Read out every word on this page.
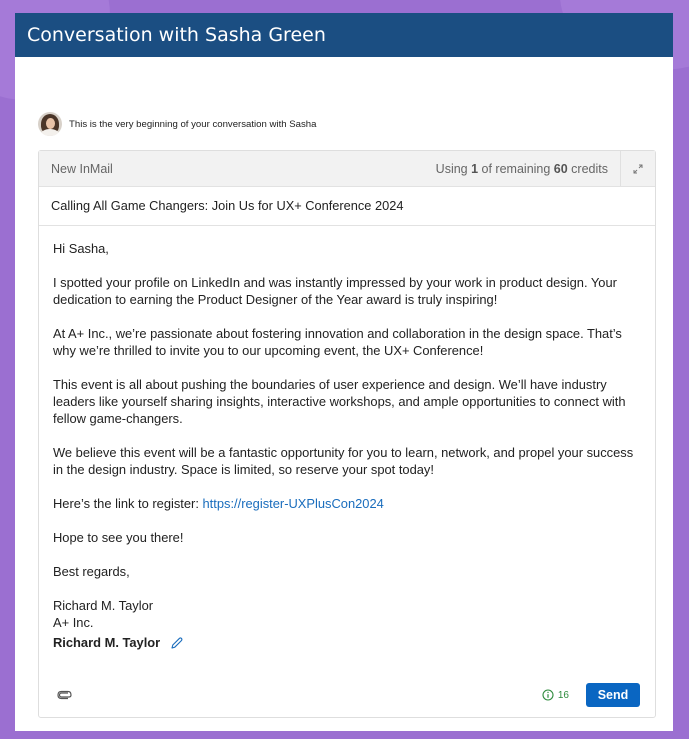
Conversation with Sasha Green
This is the very beginning of your conversation with Sasha
New InMail	Using 1 of remaining 60 credits
Calling All Game Changers: Join Us for UX+ Conference 2024

Hi Sasha,

I spotted your profile on LinkedIn and was instantly impressed by your work in product design. Your dedication to earning the Product Designer of the Year award is truly inspiring!

At A+ Inc., we’re passionate about fostering innovation and collaboration in the design space. That’s why we’re thrilled to invite you to our upcoming event, the UX+ Conference!

This event is all about pushing the boundaries of user experience and design. We’ll have industry leaders like yourself sharing insights, interactive workshops, and ample opportunities to connect with fellow game-changers.

We believe this event will be a fantastic opportunity for you to learn, network, and propel your success in the design industry. Space is limited, so reserve your spot today!

Here’s the link to register: https://register-UXPlusCon2024

Hope to see you there!

Best regards,

Richard M. Taylor

A+ Inc.

Richard M. Taylor
16	Send
